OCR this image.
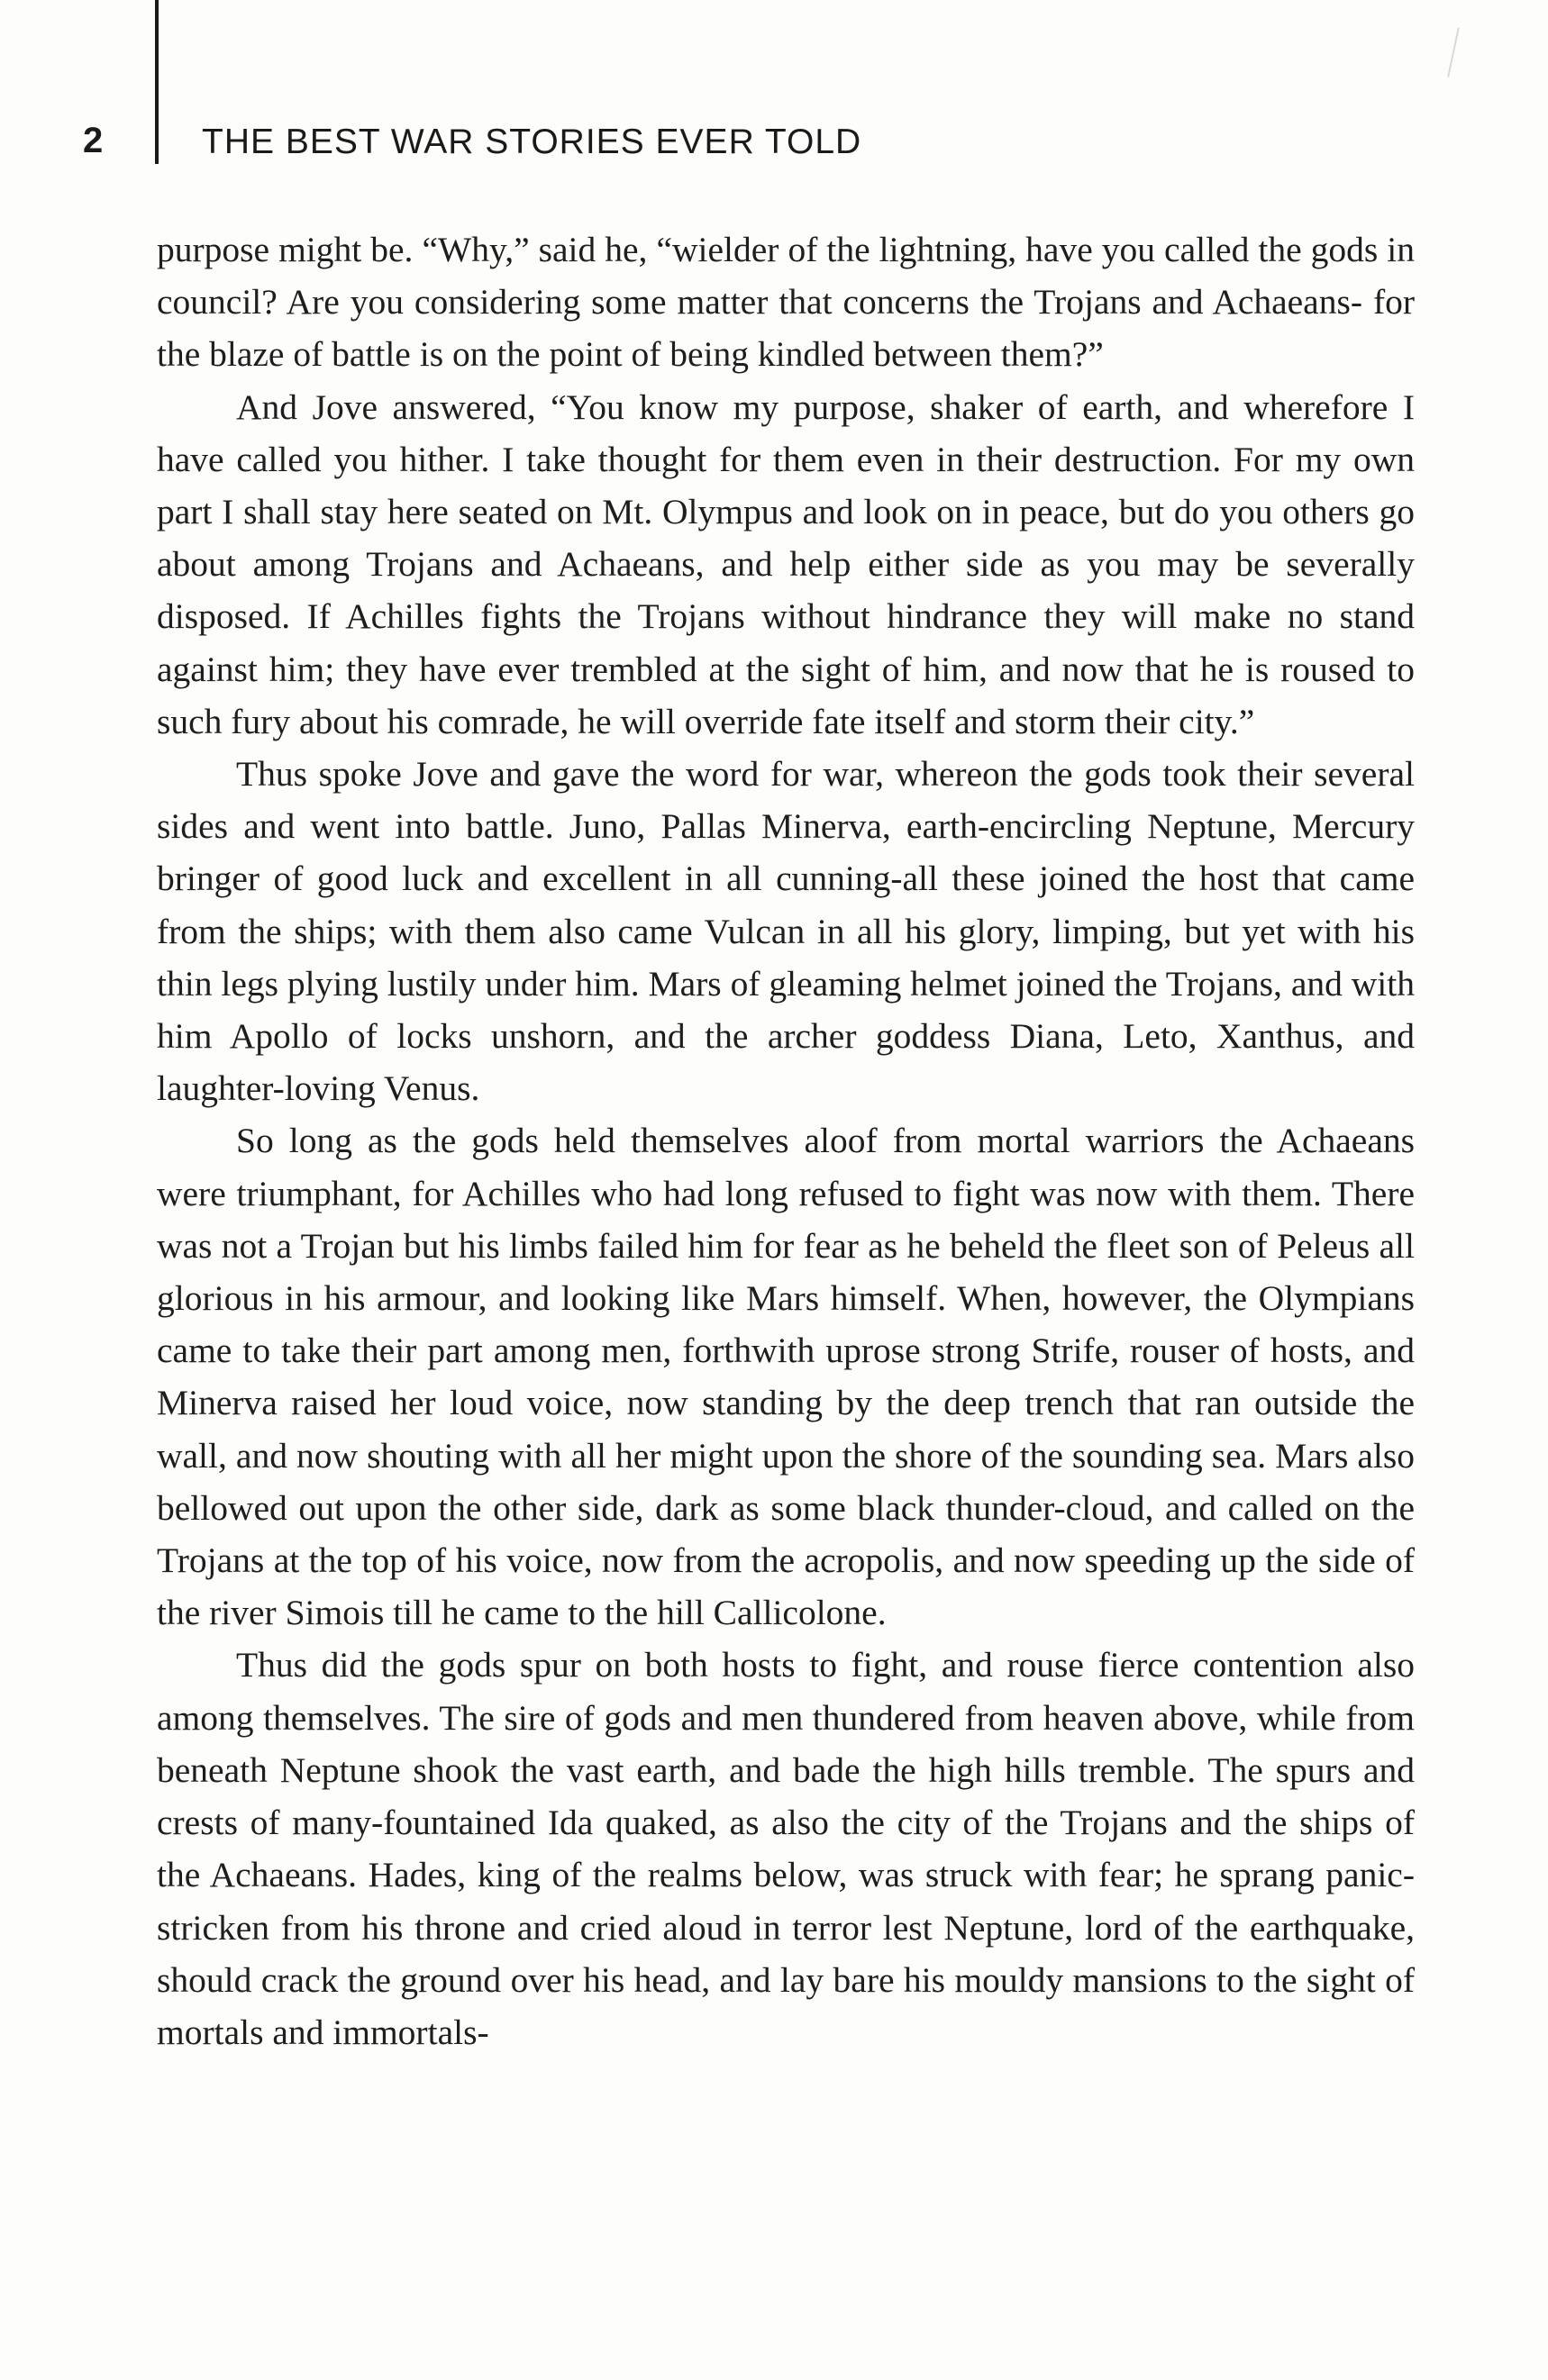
2	THE BEST WAR STORIES EVER TOLD

purpose might be. “Why,” said he, “wielder of the lightning, have you called the gods in council? Are you considering some matter that concerns the Trojans and Achaeans- for the blaze of battle is on the point of being kindled between them?”

And Jove answered, “You know my purpose, shaker of earth, and wherefore I have called you hither. I take thought for them even in their destruction. For my own part I shall stay here seated on Mt. Olympus and look on in peace, but do you others go about among Trojans and Achaeans, and help either side as you may be severally disposed. If Achilles fights the Trojans without hindrance they will make no stand against him; they have ever trembled at the sight of him, and now that he is roused to such fury about his comrade, he will override fate itself and storm their city.”

Thus spoke Jove and gave the word for war, whereon the gods took their several sides and went into battle. Juno, Pallas Minerva, earth-encircling Neptune, Mercury bringer of good luck and excellent in all cunning-all these joined the host that came from the ships; with them also came Vulcan in all his glory, limping, but yet with his thin legs plying lustily under him. Mars of gleaming helmet joined the Trojans, and with him Apollo of locks unshorn, and the archer goddess Diana, Leto, Xanthus, and laughter-loving Venus.

So long as the gods held themselves aloof from mortal warriors the Achaeans were triumphant, for Achilles who had long refused to fight was now with them. There was not a Trojan but his limbs failed him for fear as he beheld the fleet son of Peleus all glorious in his armour, and looking like Mars himself. When, however, the Olympians came to take their part among men, forthwith uprose strong Strife, rouser of hosts, and Minerva raised her loud voice, now standing by the deep trench that ran outside the wall, and now shouting with all her might upon the shore of the sounding sea. Mars also bellowed out upon the other side, dark as some black thunder-cloud, and called on the Trojans at the top of his voice, now from the acropolis, and now speeding up the side of the river Simois till he came to the hill Callicolone.

Thus did the gods spur on both hosts to fight, and rouse fierce contention also among themselves. The sire of gods and men thundered from heaven above, while from beneath Neptune shook the vast earth, and bade the high hills tremble. The spurs and crests of many-fountained Ida quaked, as also the city of the Trojans and the ships of the Achaeans. Hades, king of the realms below, was struck with fear; he sprang panic-stricken from his throne and cried aloud in terror lest Neptune, lord of the earthquake, should crack the ground over his head, and lay bare his mouldy mansions to the sight of mortals and immortals-
